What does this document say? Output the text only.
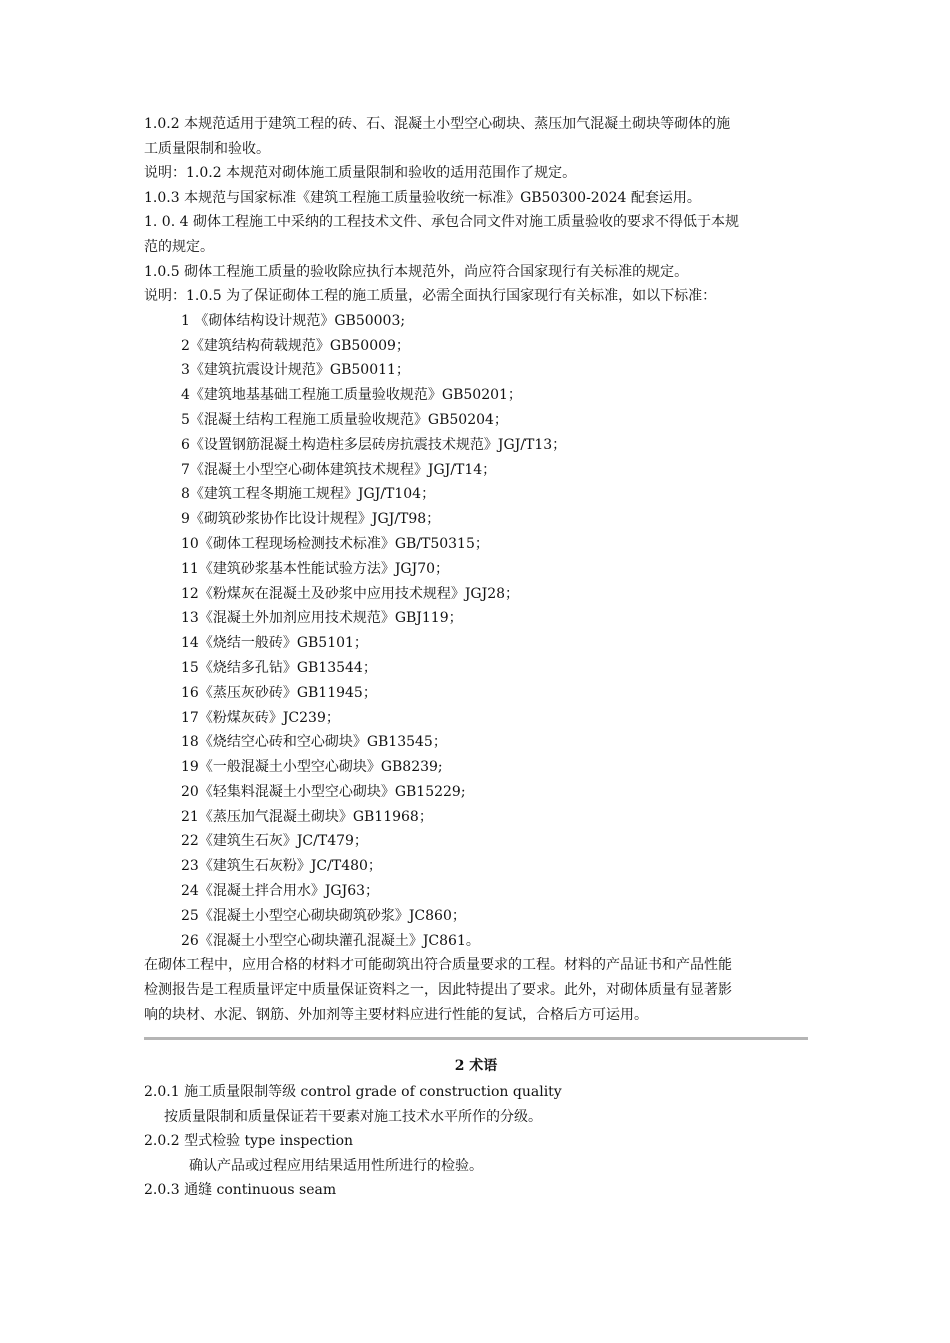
1.0.2 本规范适用于建筑工程的砖、石、混凝土小型空心砌块、蒸压加气混凝土砌块等砌体的施
工质量限制和验收。
说明：1.0.2 本规范对砌体施工质量限制和验收的适用范围作了规定。
1.0.3 本规范与国家标准《建筑工程施工质量验收统一标准》GB50300-2024 配套运用。
1. 0. 4 砌体工程施工中采纳的工程技术文件、承包合同文件对施工质量验收的要求不得低于本规
范的规定。
1.0.5 砌体工程施工质量的验收除应执行本规范外，尚应符合国家现行有关标准的规定。
说明：1.0.5 为了保证砌体工程的施工质量，必需全面执行国家现行有关标准，如以下标准：
1 《砌体结构设计规范》GB50003;
2《建筑结构荷载规范》GB50009；
3《建筑抗震设计规范》GB50011；
4《建筑地基基础工程施工质量验收规范》GB50201；
5《混凝土结构工程施工质量验收规范》GB50204；
6《设置钢筋混凝土构造柱多层砖房抗震技术规范》JGJ/T13；
7《混凝土小型空心砌体建筑技术规程》JGJ/T14；
8《建筑工程冬期施工规程》JGJ/T104；
9《砌筑砂浆协作比设计规程》JGJ/T98；
10《砌体工程现场检测技术标准》GB/T50315；
11《建筑砂浆基本性能试验方法》JGJ70；
12《粉煤灰在混凝土及砂浆中应用技术规程》JGJ28；
13《混凝土外加剂应用技术规范》GBJ119；
14《烧结一般砖》GB5101；
15《烧结多孔钻》GB13544；
16《蒸压灰砂砖》GB11945；
17《粉煤灰砖》JC239；
18《烧结空心砖和空心砌块》GB13545；
19《一般混凝土小型空心砌块》GB8239;
20《轻集料混凝土小型空心砌块》GB15229;
21《蒸压加气混凝土砌块》GB11968；
22《建筑生石灰》JC/T479；
23《建筑生石灰粉》JC/T480；
24《混凝土拌合用水》JGJ63；
25《混凝土小型空心砌块砌筑砂浆》JC860；
26《混凝土小型空心砌块灌孔混凝土》JC861。
在砌体工程中，应用合格的材料才可能砌筑出符合质量要求的工程。材料的产品证书和产品性能
检测报告是工程质量评定中质量保证资料之一，因此特提出了要求。此外，对砌体质量有显著影
响的块材、水泥、钢筋、外加剂等主要材料应进行性能的复试，合格后方可运用。
2 术语
2.0.1 施工质量限制等级 control grade of construction quality
按质量限制和质量保证若干要素对施工技术水平所作的分级。
2.0.2 型式检验 type inspection
确认产品或过程应用结果适用性所进行的检验。
2.0.3 通缝 continuous seam
